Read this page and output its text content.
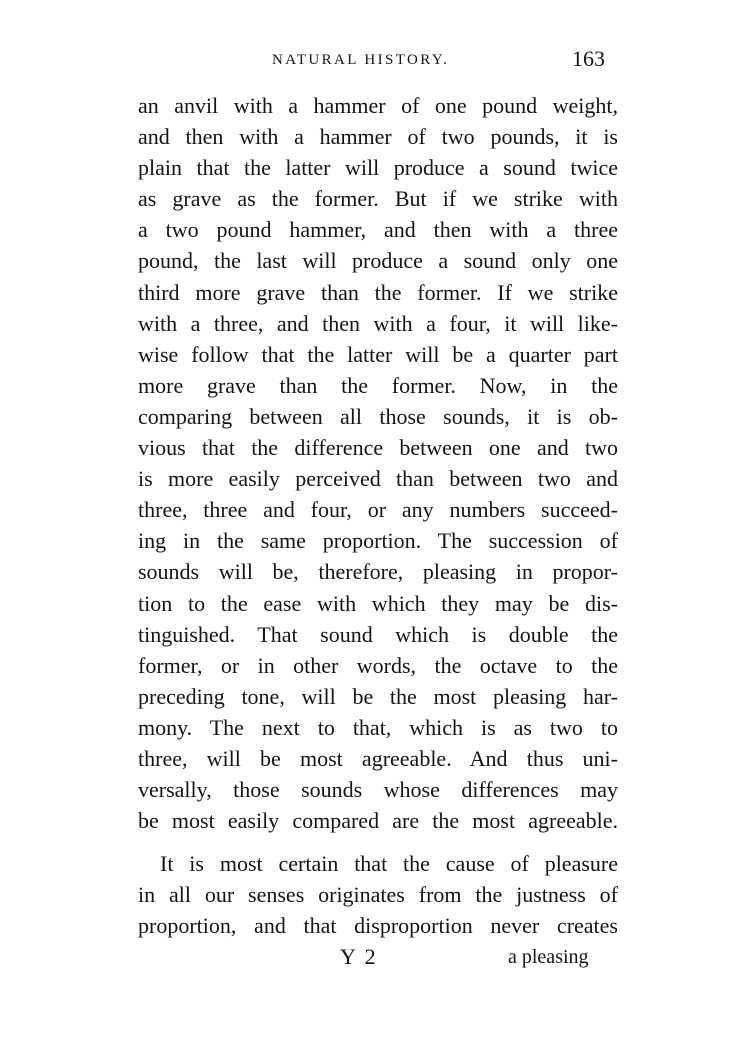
NATURAL HISTORY.	163
an anvil with a hammer of one pound weight,
and then with a hammer of two pounds, it is
plain that the latter will produce a sound twice
as grave as the former. But if we strike with
a two pound hammer, and then with a three
pound, the last will produce a sound only one
third more grave than the former. If we strike
with a three, and then with a four, it will like-
wise follow that the latter will be a quarter part
more grave than the former. Now, in the
comparing between all those sounds, it is ob-
vious that the difference between one and two
is more easily perceived than between two and
three, three and four, or any numbers succeed-
ing in the same proportion. The succession of
sounds will be, therefore, pleasing in propor-
tion to the ease with which they may be dis-
tinguished. That sound which is double the
former, or in other words, the octave to the
preceding tone, will be the most pleasing har-
mony. The next to that, which is as two to
three, will be most agreeable. And thus uni-
versally, those sounds whose differences may
be most easily compared are the most agreeable.
It is most certain that the cause of pleasure
in all our senses originates from the justness of
proportion, and that disproportion never creates
Y 2	a pleasing
